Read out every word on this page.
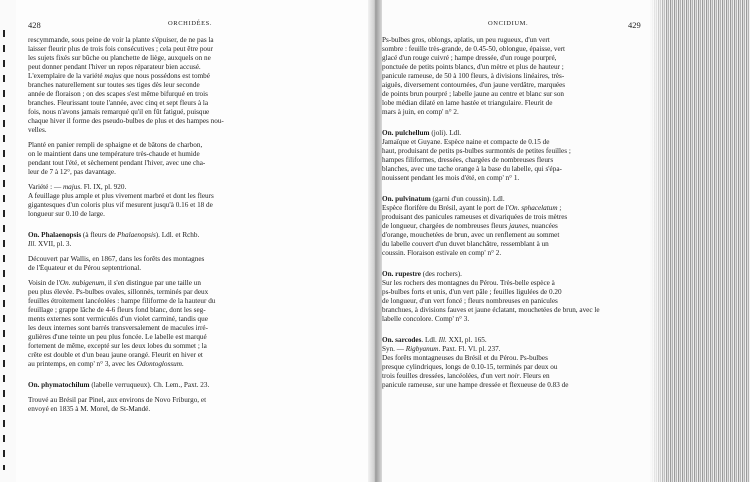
428	ORCHIDÉES.
rescymmande, sous peine de voir la plante s'épuiser, de ne pas la
laisser fleurir plus de trois fois consécutives ; cela peut être pour
les sujets fixés sur bûche ou planchette de liège, auxquels on ne
peut donner pendant l'hiver un repos réparateur bien accusé.
L'exemplaire de la variété majus que nous possédons est tombé
branches naturellement sur toutes ses tiges dès leur seconde
année de floraison ; on des scapes s'est même bifurqué en trois
branches. Fleurissant toute l'année, avec cinq et sept fleurs à la
fois, nous n'avons jamais remarqué qu'il en fût fatigué, puisque
chaque hiver il forme des pseudo-bulbes de plus et des hampes nou-
velles.
Planté en panier rempli de sphaigne et de bâtons de charbon,
on le maintient dans une température très-chaude et humide
pendant tout l'été, et sèchement pendant l'hiver, avec une cha-
leur de 7 à 12°, pas davantage.
Variété : — majus. Fl. IX, pl. 920.
A feuillage plus ample et plus vivement marbré et dont les fleurs
gigantesques d'un coloris plus vif mesurent jusqu'à 0.16 et 18 de
longueur sur 0.10 de large.
On. Phalaenopsis (à fleurs de Phalaenopsis). Ldl. et Rchb.
Ill. XVII, pl. 3.
Découvert par Wallis, en 1867, dans les forêts des montagnes
de l'Équateur et du Pérou septentrional.
Voisin de l'On. nubigenum, il s'en distingue par une taille un
peu plus élevée. Ps-bulbes ovales, sillonnés, terminés par deux
feuilles étroitement lancéolées : hampe filiforme de la hauteur du
feuillage ; grappe lâche de 4-6 fleurs fond blanc, dont les seg-
ments externes sont vermiculés d'un violet carminé, tandis que
les deux internes sont barrés transversalement de macules irré-
gulières d'une teinte un peu plus foncée. Le labelle est marqué
fortement de même, excepté sur les deux lobes du sommet ; la
crête est double et d'un beau jaune orangé. Fleurit en hiver et
au printemps, en comp' n° 3, avec les Odontoglossum.
On. phymatochilum (labelle verruqueux). Ch. Lem., Paxt. 23.
Trouvé au Brésil par Pinel, aux environs de Novo Friburgo, et
envoyé en 1835 à M. Morel, de St-Mandé.
ONCIDIUM.	429
Ps-bulbes gros, oblongs, aplatis, un peu rugueux, d'un vert
sombre : feuille très-grande, de 0.45-50, oblongue, épaisse, vert
glacé d'un rouge cuivré ; hampe dressée, d'un rouge pourpré,
ponctuée de petits points blancs, d'un mètre et plus de hauteur ;
panicule rameuse, de 50 à 100 fleurs, à divisions linéaires, très-
aiguës, diversement contournées, d'un jaune verdâtre, marquées
de points brun pourpré ; labelle jaune au centre et blanc sur son
lobe médian dilaté en lame hastée et triangulaire. Fleurit de
mars à juin, en comp' n° 2.
On. pulchellum (joli). Ldl.
Jamaïque et Guyane. Espèce naine et compacte de 0.15 de
haut, produisant de petits ps-bulbes surmontés de petites feuilles ;
hampes filiformes, dressées, chargées de nombreuses fleurs
blanches, avec une tache orange à la base du labelle, qui s'épa-
nouissent pendant les mois d'été, en comp' n° 1.
On. pulvinatum (garni d'un coussin). Ldl.
Espèce florifère du Brésil, ayant le port de l'On. sphacelatum ;
produisant des panicules rameuses et divariquées de trois mètres
de longueur, chargées de nombreuses fleurs jaunes, nuancées
d'orange, mouchetées de brun, avec un renflement au sommet
du labelle couvert d'un duvet blanchâtre, ressemblant à un
coussin. Floraison estivale en comp' n° 2.
On. rupestre (des rochers).
Sur les rochers des montagnes du Pérou. Très-belle espèce à
ps-bulbes forts et unis, d'un vert pâle ; feuilles ligulées de 0.20
de longueur, d'un vert foncé ; fleurs nombreuses en panicules
branchues, à divisions fauves et jaune éclatant, mouchetées de brun, avec le
labelle concolore. Comp' n° 3.
On. sarcodes. Ldl. Ill. XXI, pl. 165.
Syn. — Rigbyanum. Paxt. Fl. Vl. pl. 237.
Des forêts montagneuses du Brésil et du Pérou. Ps-bulbes
presque cylindriques, longs de 0.10-15, terminés par deux ou
trois feuilles dressées, lancéolées, d'un vert noir. Fleurs en
panicule rameuse, sur une hampe dressée et flexueuse de 0.83 de
